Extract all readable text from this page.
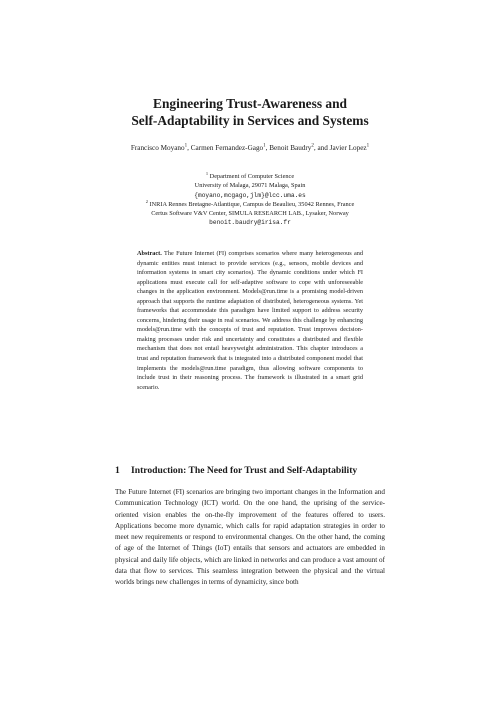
Engineering Trust-Awareness and
Self-Adaptability in Services and Systems
Francisco Moyano$^1$, Carmen Fernandez-Gago$^1$, Benoit Baudry$^2$, and Javier Lopez$^1$
$^1$ Department of Computer Science
University of Malaga, 29071 Malaga, Spain
{moyano,mcgago,jlm}@lcc.uma.es
$^2$ INRIA Rennes Bretagne-Atlantique, Campus de Beaulieu, 35042 Rennes, France
Certus Software V&V Center, SIMULA RESEARCH LAB., Lysaker, Norway
benoit.baudry@irisa.fr
Abstract. The Future Internet (FI) comprises scenarios where many heterogeneous and dynamic entities must interact to provide services (e.g., sensors, mobile devices and information systems in smart city scenarios). The dynamic conditions under which FI applications must execute call for self-adaptive software to cope with unforeseeable changes in the application environment. Models@run.time is a promising model-driven approach that supports the runtime adaptation of distributed, heterogeneous systems. Yet frameworks that accommodate this paradigm have limited support to address security concerns, hindering their usage in real scenarios. We address this challenge by enhancing models@run.time with the concepts of trust and reputation. Trust improves decision-making processes under risk and uncertainty and constitutes a distributed and flexible mechanism that does not entail heavyweight administration. This chapter introduces a trust and reputation framework that is integrated into a distributed component model that implements the models@run.time paradigm, thus allowing software components to include trust in their reasoning process. The framework is illustrated in a smart grid scenario.
1 Introduction: The Need for Trust and Self-Adaptability
The Future Internet (FI) scenarios are bringing two important changes in the Information and Communication Technology (ICT) world. On the one hand, the uprising of the service-oriented vision enables the on-the-fly improvement of the features offered to users. Applications become more dynamic, which calls for rapid adaptation strategies in order to meet new requirements or respond to environmental changes. On the other hand, the coming of age of the Internet of Things (IoT) entails that sensors and actuators are embedded in physical and daily life objects, which are linked in networks and can produce a vast amount of data that flow to services. This seamless integration between the physical and the virtual worlds brings new challenges in terms of dynamicity, since both
